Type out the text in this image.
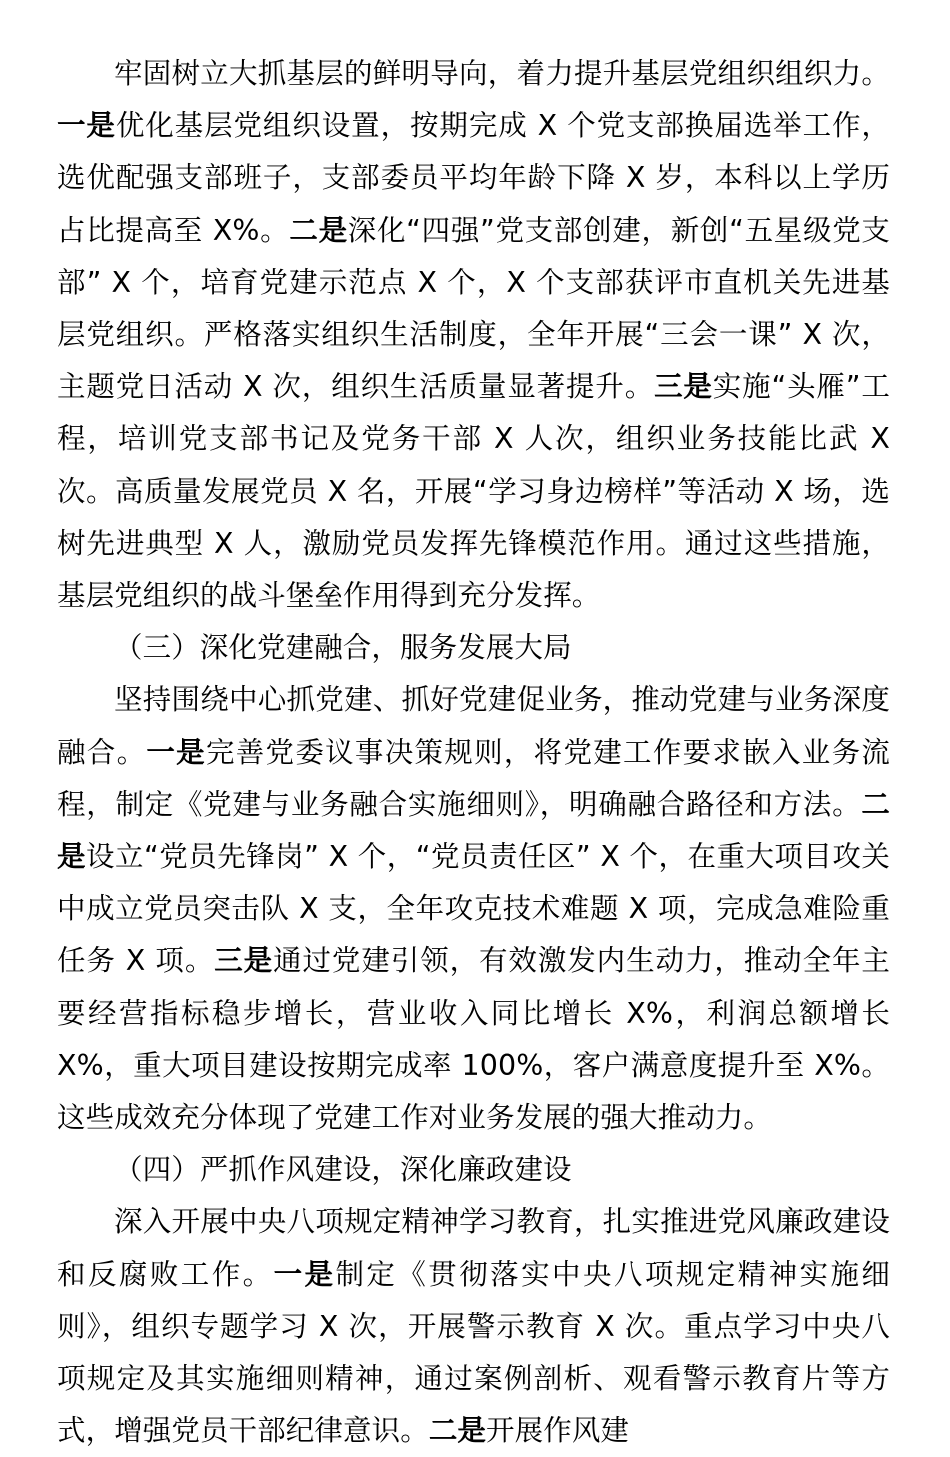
牢固树立大抓基层的鲜明导向，着力提升基层党组织组织力。一是优化基层党组织设置，按期完成 X 个党支部换届选举工作，选优配强支部班子，支部委员平均年龄下降 X 岁，本科以上学历占比提高至 X%。二是深化“四强”党支部创建，新创“五星级党支部” X 个，培育党建示范点 X 个，X 个支部获评市直机关先进基层党组织。严格落实组织生活制度，全年开展“三会一课” X 次，主题党日活动 X 次，组织生活质量显著提升。三是实施“头雁”工程，培训党支部书记及党务干部 X 人次，组织业务技能比武 X 次。高质量发展党员 X 名，开展“学习身边榜样”等活动 X 场，选树先进典型 X 人，激励党员发挥先锋模范作用。通过这些措施，基层党组织的战斗堡垒作用得到充分发挥。

（三）深化党建融合，服务发展大局

坚持围绕中心抓党建、抓好党建促业务，推动党建与业务深度融合。一是完善党委议事决策规则，将党建工作要求嵌入业务流程，制定《党建与业务融合实施细则》，明确融合路径和方法。二是设立“党员先锋岗” X 个，“党员责任区” X 个，在重大项目攻关中成立党员突击队 X 支，全年攻克技术难题 X 项，完成急难险重任务 X 项。三是通过党建引领，有效激发内生动力，推动全年主要经营指标稳步增长，营业收入同比增长 X%，利润总额增长 X%，重大项目建设按期完成率 100%，客户满意度提升至 X%。这些成效充分体现了党建工作对业务发展的强大推动力。

（四）严抓作风建设，深化廉政建设

深入开展中央八项规定精神学习教育，扎实推进党风廉政建设和反腐败工作。一是制定《贯彻落实中央八项规定精神实施细则》，组织专题学习 X 次，开展警示教育 X 次。重点学习中央八项规定及其实施细则精神，通过案例剖析、观看警示教育片等方式，增强党员干部纪律意识。二是开展作风建
